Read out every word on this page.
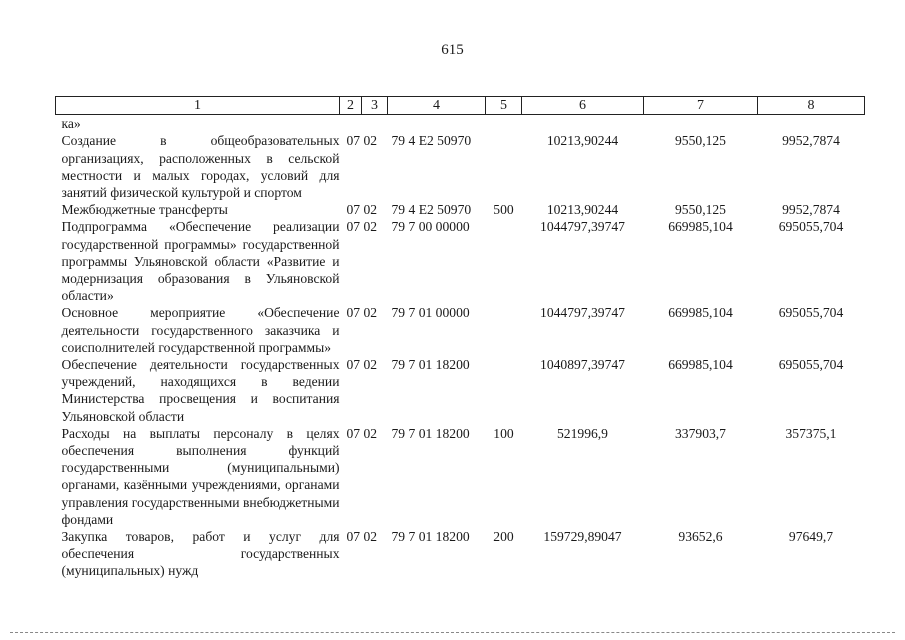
615
1	2	3	4	5	6	7	8
ка»							
Создание в общеобразовательных организациях, расположенных в сельской местности и малых городах, условий для занятий физической культурой и спортом	07	02	79 4 E2 50970		10213,90244	9550,125	9952,7874
Межбюджетные трансферты	07	02	79 4 E2 50970	500	10213,90244	9550,125	9952,7874
Подпрограмма «Обеспечение реализации государственной программы» государственной программы Ульяновской области «Развитие и модернизация образования в Ульяновской области»	07	02	79 7 00 00000		1044797,39747	669985,104	695055,704
Основное мероприятие «Обеспечение деятельности государственного заказчика и соисполнителей государственной программы»	07	02	79 7 01 00000		1044797,39747	669985,104	695055,704
Обеспечение деятельности государственных учреждений, находящихся в ведении Министерства просвещения и воспитания Ульяновской области	07	02	79 7 01 18200		1040897,39747	669985,104	695055,704
Расходы на выплаты персоналу в целях обеспечения выполнения функций государственными (муниципальными) органами, казёнными учреждениями, органами управления государственными внебюджетными фондами	07	02	79 7 01 18200	100	521996,9	337903,7	357375,1
Закупка товаров, работ и услуг для обеспечения государственных (муниципальных) нужд	07	02	79 7 01 18200	200	159729,89047	93652,6	97649,7
